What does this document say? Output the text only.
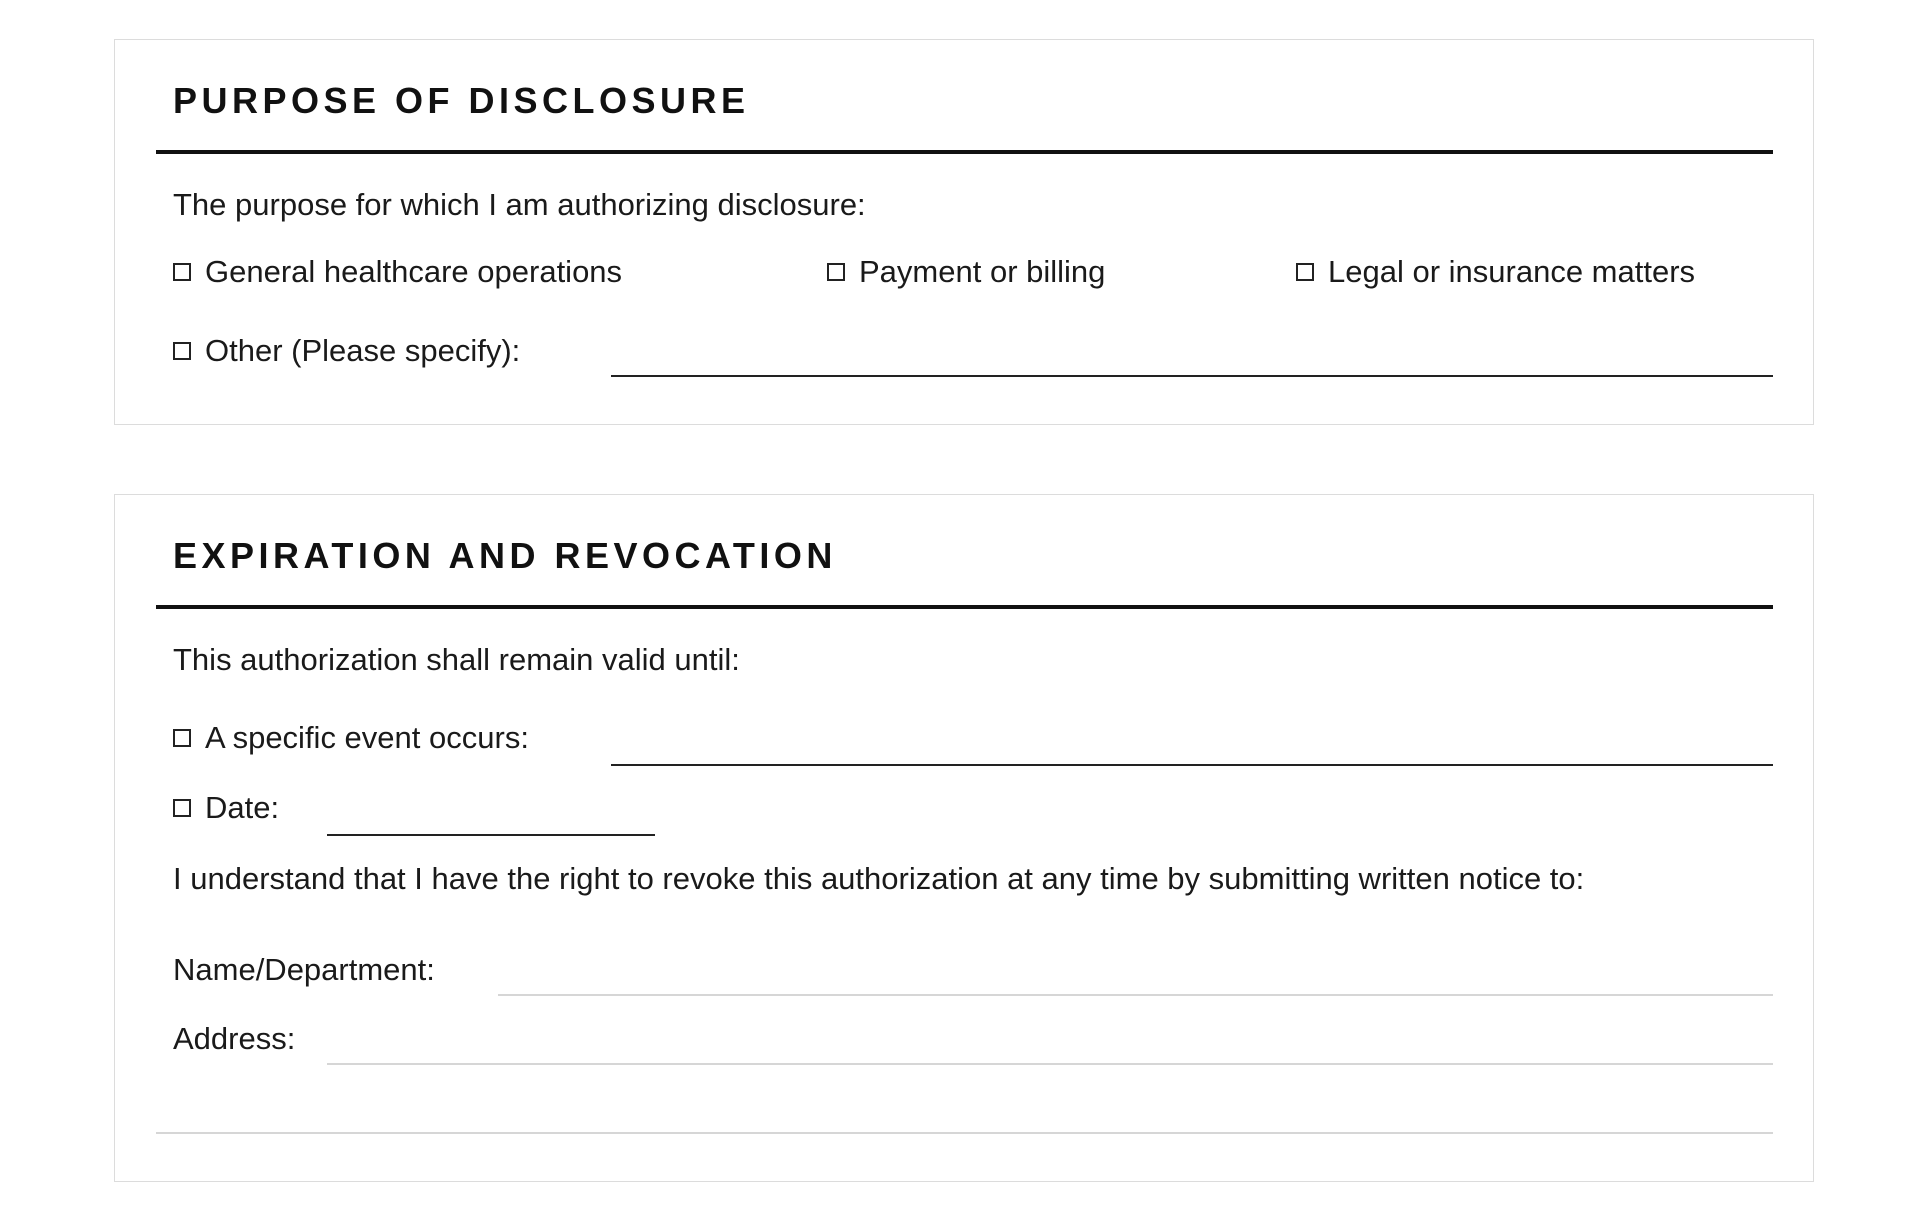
PURPOSE OF DISCLOSURE
The purpose for which I am authorizing disclosure:
General healthcare operations	Payment or billing	Legal or insurance matters
Other (Please specify):
EXPIRATION AND REVOCATION
This authorization shall remain valid until:
A specific event occurs:
Date:
I understand that I have the right to revoke this authorization at any time by submitting written notice to:
Name/Department:
Address:
